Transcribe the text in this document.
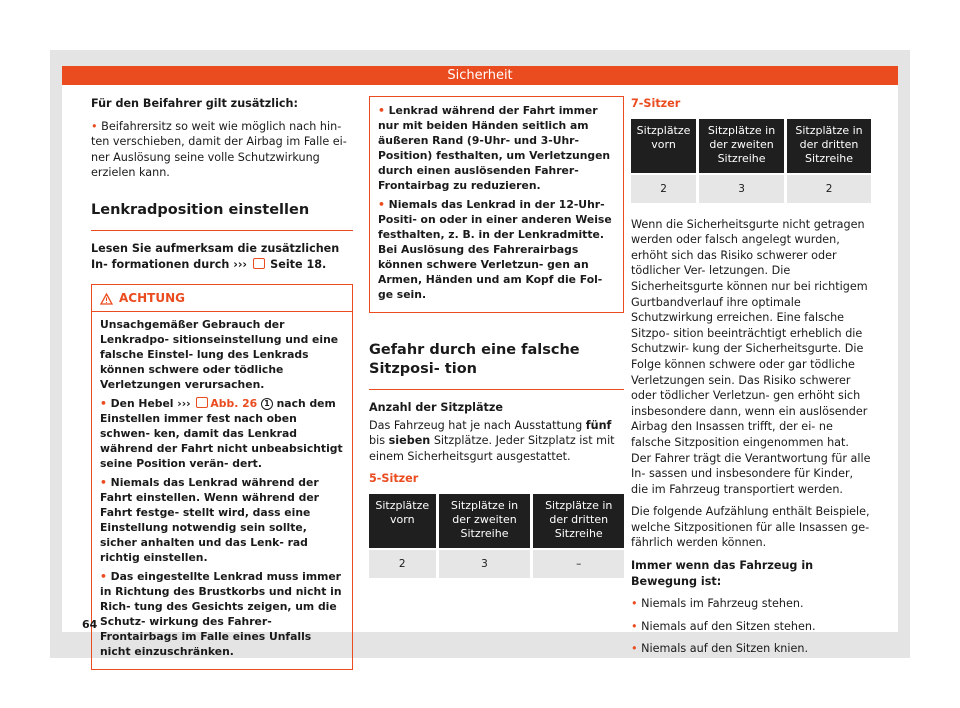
Sicherheit

Für den Beifahrer gilt zusätzlich:

• Beifahrersitz so weit wie möglich nach hin- ten verschieben, damit der Airbag im Falle ei- ner Auslösung seine volle Schutzwirkung erzielen kann.

Lenkradposition einstellen

Lesen Sie aufmerksam die zusätzlichen In- formationen durch ››› Seite 18.

ACHTUNG

Unsachgemäßer Gebrauch der Lenkradpo- sitionseinstellung und eine falsche Einstel- lung des Lenkrads können schwere oder tödliche Verletzungen verursachen.

• Den Hebel ››› Abb. 26 1 nach dem Einstellen immer fest nach oben schwen- ken, damit das Lenkrad während der Fahrt nicht unbeabsichtigt seine Position verän- dert.

• Niemals das Lenkrad während der Fahrt einstellen. Wenn während der Fahrt festge- stellt wird, dass eine Einstellung notwendig sein sollte, sicher anhalten und das Lenk- rad richtig einstellen.

• Das eingestellte Lenkrad muss immer in Richtung des Brustkorbs und nicht in Rich- tung des Gesichts zeigen, um die Schutz- wirkung des Fahrer-Frontairbags im Falle eines Unfalls nicht einzuschränken.

• Lenkrad während der Fahrt immer nur mit beiden Händen seitlich am äußeren Rand (9-Uhr- und 3-Uhr-Position) festhalten, um Verletzungen durch einen auslösenden Fahrer-Frontairbag zu reduzieren.

• Niemals das Lenkrad in der 12-Uhr-Positi- on oder in einer anderen Weise festhalten, z. B. in der Lenkradmitte. Bei Auslösung des Fahrerairbags können schwere Verletzun- gen an Armen, Händen und am Kopf die Fol- ge sein.

Gefahr durch eine falsche Sitzposi- tion

Anzahl der Sitzplätze

Das Fahrzeug hat je nach Ausstattung fünf bis sieben Sitzplätze. Jeder Sitzplatz ist mit einem Sicherheitsgurt ausgestattet.

5-Sitzer

Sitzplätze vorn	Sitzplätze in der zweiten Sitzreihe	Sitzplätze in der dritten Sitzreihe
2	3	–

7-Sitzer

Sitzplätze vorn	Sitzplätze in der zweiten Sitzreihe	Sitzplätze in der dritten Sitzreihe
2	3	2

Wenn die Sicherheitsgurte nicht getragen werden oder falsch angelegt wurden, erhöht sich das Risiko schwerer oder tödlicher Ver- letzungen. Die Sicherheitsgurte können nur bei richtigem Gurtbandverlauf ihre optimale Schutzwirkung erreichen. Eine falsche Sitzpo- sition beeinträchtigt erheblich die Schutzwir- kung der Sicherheitsgurte. Die Folge können schwere oder gar tödliche Verletzungen sein. Das Risiko schwerer oder tödlicher Verletzun- gen erhöht sich insbesondere dann, wenn ein auslösender Airbag den Insassen trifft, der ei- ne falsche Sitzposition eingenommen hat. Der Fahrer trägt die Verantwortung für alle In- sassen und insbesondere für Kinder, die im Fahrzeug transportiert werden.

Die folgende Aufzählung enthält Beispiele, welche Sitzpositionen für alle Insassen ge- fährlich werden können.

Immer wenn das Fahrzeug in Bewegung ist:

• Niemals im Fahrzeug stehen.

• Niemals auf den Sitzen stehen.

• Niemals auf den Sitzen knien.

64
